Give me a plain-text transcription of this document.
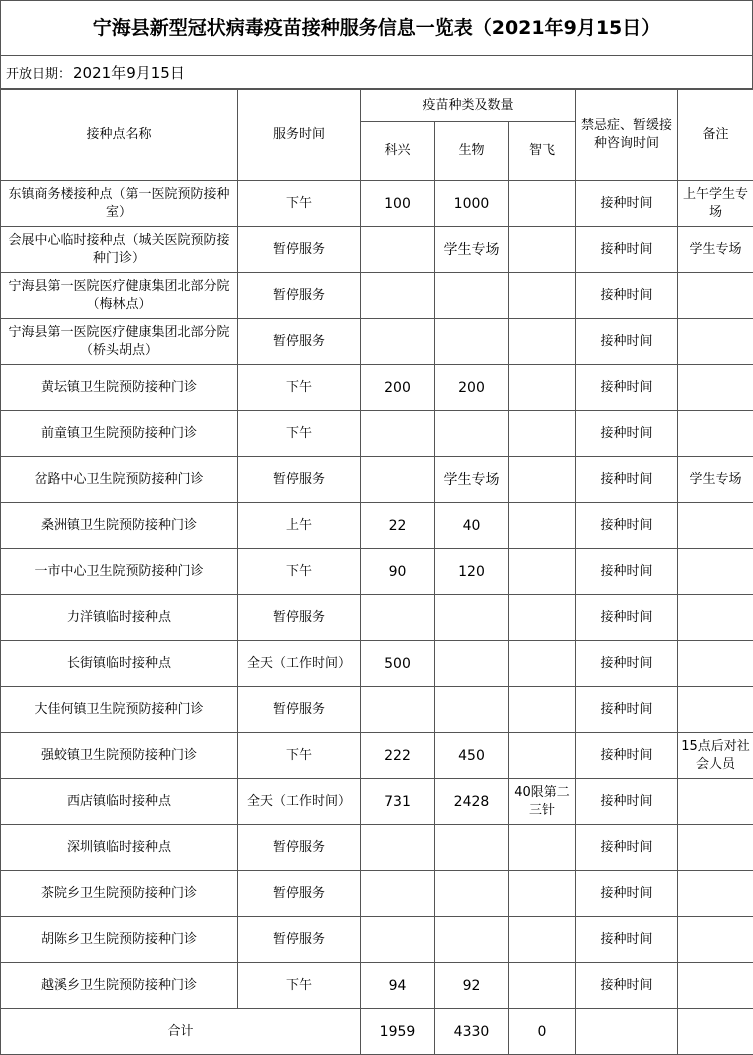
宁海县新型冠状病毒疫苗接种服务信息一览表（2021年9月15日）
开放日期： 2021年9月15日
接种点名称	服务时间	疫苗种类及数量			禁忌症、暂缓接种咨询时间	备注
		科兴	生物	智飞		
东镇商务楼接种点（第一医院预防接种室）	下午	100	1000		接种时间	上午学生专场
会展中心临时接种点（城关医院预防接种门诊）	暂停服务		学生专场		接种时间	学生专场
宁海县第一医院医疗健康集团北部分院（梅林点）	暂停服务				接种时间	
宁海县第一医院医疗健康集团北部分院（桥头胡点）	暂停服务				接种时间	
黄坛镇卫生院预防接种门诊	下午	200	200		接种时间	
前童镇卫生院预防接种门诊	下午				接种时间	
岔路中心卫生院预防接种门诊	暂停服务		学生专场		接种时间	学生专场
桑洲镇卫生院预防接种门诊	上午	22	40		接种时间	
一市中心卫生院预防接种门诊	下午	90	120		接种时间	
力洋镇临时接种点	暂停服务				接种时间	
长街镇临时接种点	全天（工作时间）	500			接种时间	
大佳何镇卫生院预防接种门诊	暂停服务				接种时间	
强蛟镇卫生院预防接种门诊	下午	222	450		接种时间	15点后对社会人员
西店镇临时接种点	全天（工作时间）	731	2428	40限第二三针	接种时间	
深圳镇临时接种点	暂停服务				接种时间	
茶院乡卫生院预防接种门诊	暂停服务				接种时间	
胡陈乡卫生院预防接种门诊	暂停服务				接种时间	
越溪乡卫生院预防接种门诊	下午	94	92		接种时间	
合计		1959	4330	0		
